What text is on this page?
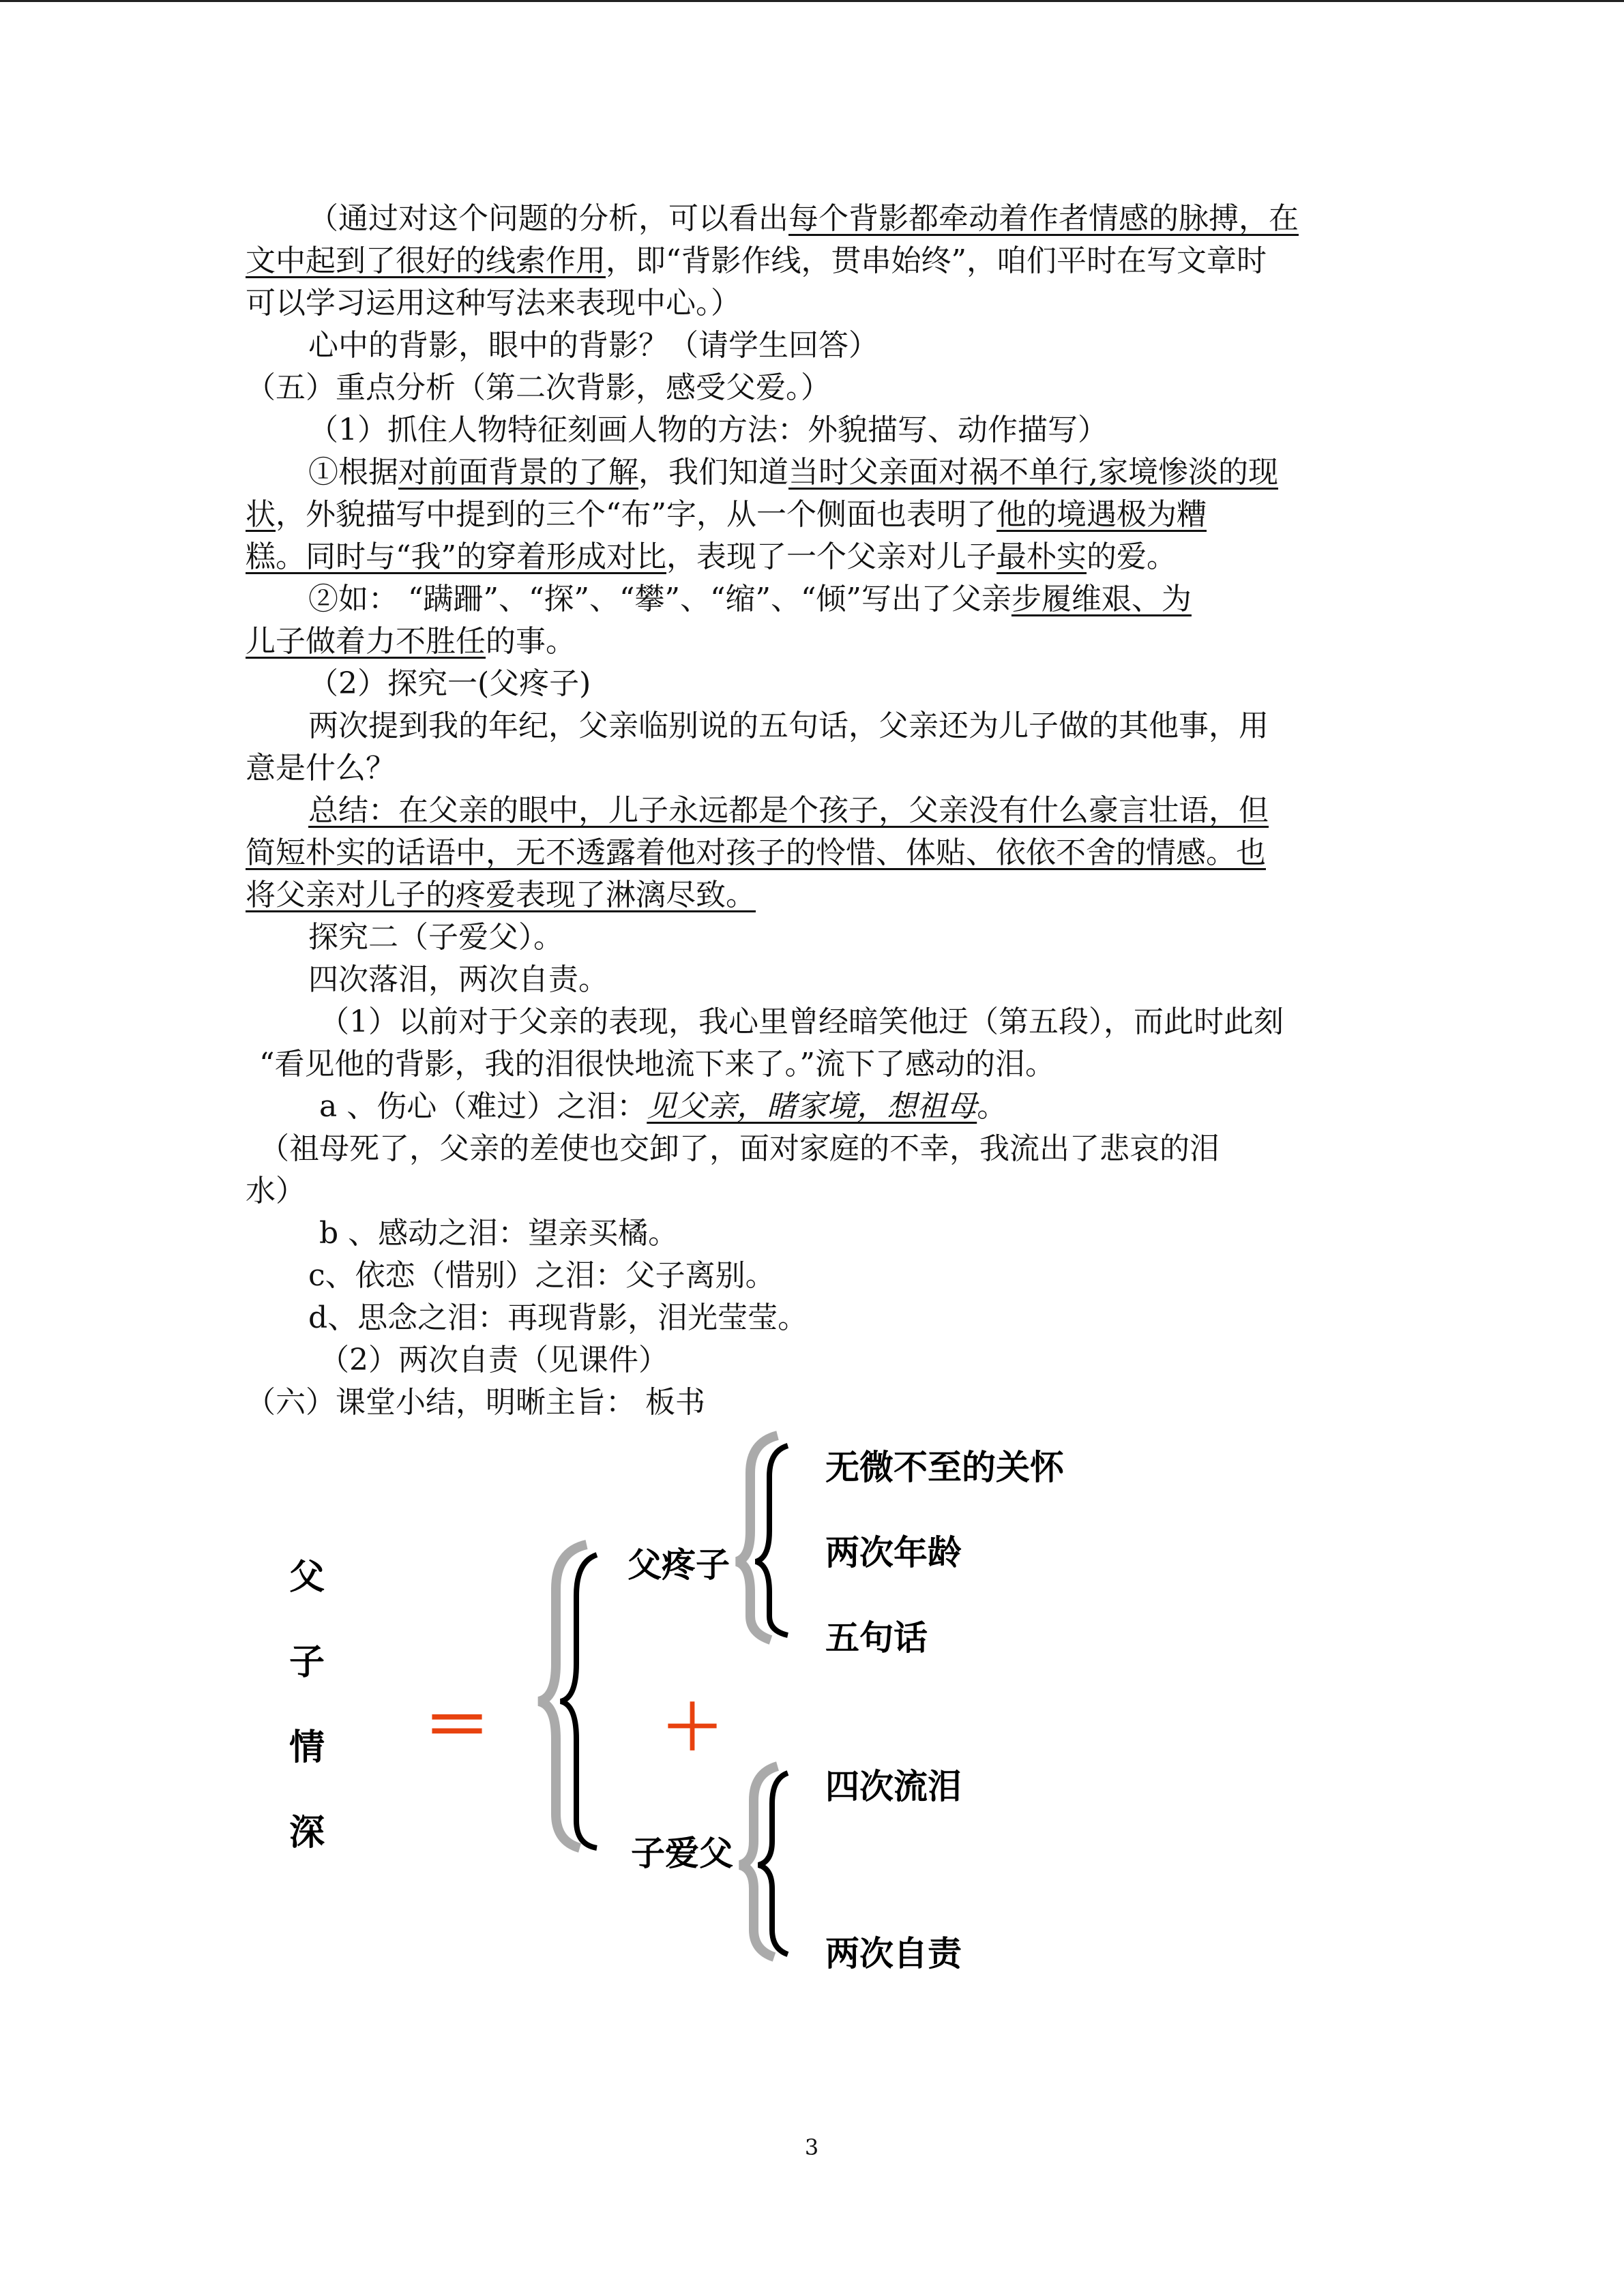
（通过对这个问题的分析，可以看出每个背影都牵动着作者情感的脉搏，在
文中起到了很好的线索作用，即“背影作线，贯串始终”，咱们平时在写文章时
可以学习运用这种写法来表现中心。）
心中的背影，眼中的背影？（请学生回答）
（五）重点分析（第二次背影，感受父爱。）
（1）抓住人物特征刻画人物的方法：外貌描写、动作描写）
①根据对前面背景的了解，我们知道当时父亲面对祸不单行,家境惨淡的现
状，外貌描写中提到的三个“布”字，从一个侧面也表明了他的境遇极为糟
糕。同时与“我”的穿着形成对比，表现了一个父亲对儿子最朴实的爱。
②如： “蹒跚”、“探”、“攀”、“缩”、“倾”写出了父亲步履维艰、为
儿子做着力不胜任的事。
（2）探究一(父疼子)
两次提到我的年纪，父亲临别说的五句话，父亲还为儿子做的其他事，用
意是什么？
总结：在父亲的眼中，儿子永远都是个孩子，父亲没有什么豪言壮语，但
简短朴实的话语中，无不透露着他对孩子的怜惜、体贴、依依不舍的情感。也
将父亲对儿子的疼爱表现了淋漓尽致。
探究二（子爱父）。
四次落泪，两次自责。
（1）以前对于父亲的表现，我心里曾经暗笑他迂（第五段），而此时此刻
“看见他的背影，我的泪很快地流下来了。”流下了感动的泪。
a 、伤心（难过）之泪：见父亲，睹家境，想祖母。
（祖母死了，父亲的差使也交卸了，面对家庭的不幸，我流出了悲哀的泪
水）
b 、感动之泪：望亲买橘。
c、依恋（惜别）之泪：父子离别。
d、思念之泪：再现背影，泪光莹莹。
（2）两次自责（见课件）
（六）课堂小结，明晰主旨： 板书
父
子
情
深
＝	＋
父疼子
子爱父
无微不至的关怀
两次年龄
五句话
四次流泪
两次自责
3
